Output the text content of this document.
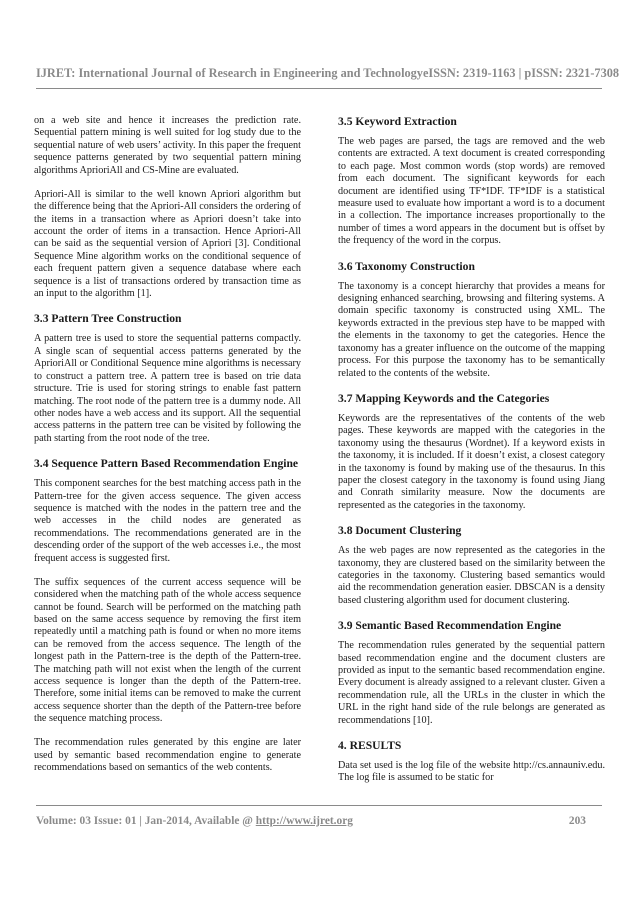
IJRET: International Journal of Research in Engineering and Technology eISSN: 2319-1163 | pISSN: 2321-7308

on a web site and hence it increases the prediction rate. Sequential pattern mining is well suited for log study due to the sequential nature of web users’ activity. In this paper the frequent sequence patterns generated by two sequential pattern mining algorithms AprioriAll and CS-Mine are evaluated.

Apriori-All is similar to the well known Apriori algorithm but the difference being that the Apriori-All considers the ordering of the items in a transaction where as Apriori doesn’t take into account the order of items in a transaction. Hence Apriori-All can be said as the sequential version of Apriori [3]. Conditional Sequence Mine algorithm works on the conditional sequence of each frequent pattern given a sequence database where each sequence is a list of transactions ordered by transaction time as an input to the algorithm [1].

3.3 Pattern Tree Construction

A pattern tree is used to store the sequential patterns compactly. A single scan of sequential access patterns generated by the AprioriAll or Conditional Sequence mine algorithms is necessary to construct a pattern tree. A pattern tree is based on trie data structure. Trie is used for storing strings to enable fast pattern matching. The root node of the pattern tree is a dummy node. All other nodes have a web access and its support. All the sequential access patterns in the pattern tree can be visited by following the path starting from the root node of the tree.

3.4 Sequence Pattern Based Recommendation Engine

This component searches for the best matching access path in the Pattern-tree for the given access sequence. The given access sequence is matched with the nodes in the pattern tree and the web accesses in the child nodes are generated as recommendations. The recommendations generated are in the descending order of the support of the web accesses i.e., the most frequent access is suggested first.

The suffix sequences of the current access sequence will be considered when the matching path of the whole access sequence cannot be found. Search will be performed on the matching path based on the same access sequence by removing the first item repeatedly until a matching path is found or when no more items can be removed from the access sequence. The length of the longest path in the Pattern-tree is the depth of the Pattern-tree. The matching path will not exist when the length of the current access sequence is longer than the depth of the Pattern-tree. Therefore, some initial items can be removed to make the current access sequence shorter than the depth of the Pattern-tree before the sequence matching process.

The recommendation rules generated by this engine are later used by semantic based recommendation engine to generate recommendations based on semantics of the web contents.

3.5 Keyword Extraction

The web pages are parsed, the tags are removed and the web contents are extracted. A text document is created corresponding to each page. Most common words (stop words) are removed from each document. The significant keywords for each document are identified using TF*IDF. TF*IDF is a statistical measure used to evaluate how important a word is to a document in a collection. The importance increases proportionally to the number of times a word appears in the document but is offset by the frequency of the word in the corpus.

3.6 Taxonomy Construction

The taxonomy is a concept hierarchy that provides a means for designing enhanced searching, browsing and filtering systems. A domain specific taxonomy is constructed using XML. The keywords extracted in the previous step have to be mapped with the elements in the taxonomy to get the categories. Hence the taxonomy has a greater influence on the outcome of the mapping process. For this purpose the taxonomy has to be semantically related to the contents of the website.

3.7 Mapping Keywords and the Categories

Keywords are the representatives of the contents of the web pages. These keywords are mapped with the categories in the taxonomy using the thesaurus (Wordnet). If a keyword exists in the taxonomy, it is included. If it doesn’t exist, a closest category in the taxonomy is found by making use of the thesaurus. In this paper the closest category in the taxonomy is found using Jiang and Conrath similarity measure. Now the documents are represented as the categories in the taxonomy.

3.8 Document Clustering

As the web pages are now represented as the categories in the taxonomy, they are clustered based on the similarity between the categories in the taxonomy. Clustering based semantics would aid the recommendation generation easier. DBSCAN is a density based clustering algorithm used for document clustering.

3.9 Semantic Based Recommendation Engine

The recommendation rules generated by the sequential pattern based recommendation engine and the document clusters are provided as input to the semantic based recommendation engine. Every document is already assigned to a relevant cluster. Given a recommendation rule, all the URLs in the cluster in which the URL in the right hand side of the rule belongs are generated as recommendations [10].

4. RESULTS

Data set used is the log file of the website http://cs.annauniv.edu. The log file is assumed to be static for

Volume: 03 Issue: 01 | Jan-2014, Available @ http://www.ijret.org	203
